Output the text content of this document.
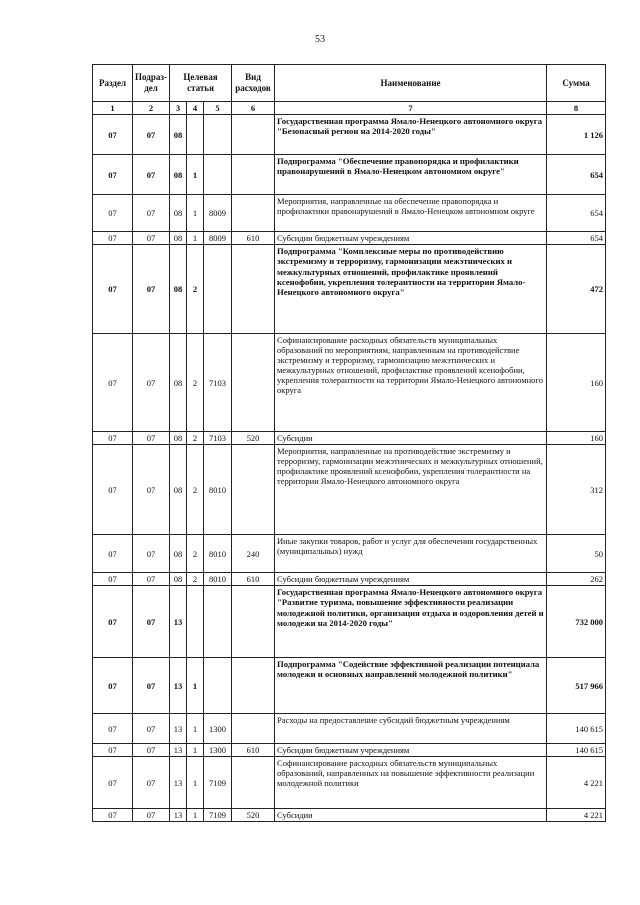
53
Раздел	Подраз-дел	Целевая статья			Вид расходов	Наименование	Сумма
1	2	3	4	5	6	7	8
07	07	08				Государственная программа Ямало-Ненецкого автономного округа "Безопасный регион на 2014-2020 годы"	1 126
07	07	08	1			Подпрограмма "Обеспечение правопорядка и профилактики правонарушений в Ямало-Ненецком автономном округе"	654
07	07	08	1	8009		Мероприятия, направленные на обеспечение правопорядка и профилактики правонарушений в Ямало-Ненецком автономном округе	654
07	07	08	1	8009	610	Субсидии бюджетным учреждениям	654
07	07	08	2			Подпрограмма "Комплексные меры по противодействию экстремизму и терроризму, гармонизации межэтнических и межкультурных отношений, профилактике проявлений ксенофобии, укрепления толерантности на территории Ямало-Ненецкого автономного округа"	472
07	07	08	2	7103		Софинансирование расходных обязательств муниципальных образований по мероприятиям, направленным на противодействие экстремизму и терроризму, гармонизацию межэтнических и межкультурных отношений, профилактике проявлений ксенофобии, укрепления толерантности на территории Ямало-Ненецкого автономного округа	160
07	07	08	2	7103	520	Субсидии	160
07	07	08	2	8010		Мероприятия, направленные на противодействие экстремизму и терроризму, гармонизации межэтнических и межкультурных отношений, профилактике проявлений ксенофобии, укрепления толерантности на территории Ямало-Ненецкого автономного округа	312
07	07	08	2	8010	240	Иные закупки товаров, работ и услуг для обеспечения государственных (муниципальных) нужд	50
07	07	08	2	8010	610	Субсидии бюджетным учреждениям	262
07	07	13				Государственная программа Ямало-Ненецкого автономного округа "Развитие туризма, повышение эффективности реализации молодежной политики, организация отдыха и оздоровления детей и молодежи на 2014-2020 годы"	732 000
07	07	13	1			Подпрограмма "Содействие эффективной реализации потенциала молодежи и основных направлений молодежной политики"	517 966
07	07	13	1	1300		Расходы на предоставление субсидий бюджетным учреждениям	140 615
07	07	13	1	1300	610	Субсидии бюджетным учреждениям	140 615
07	07	13	1	7109		Софинансирование расходных обязательств муниципальных образований, направленных на повышение эффективности реализации молодежной политики	4 221
07	07	13	1	7109	520	Субсидии	4 221
